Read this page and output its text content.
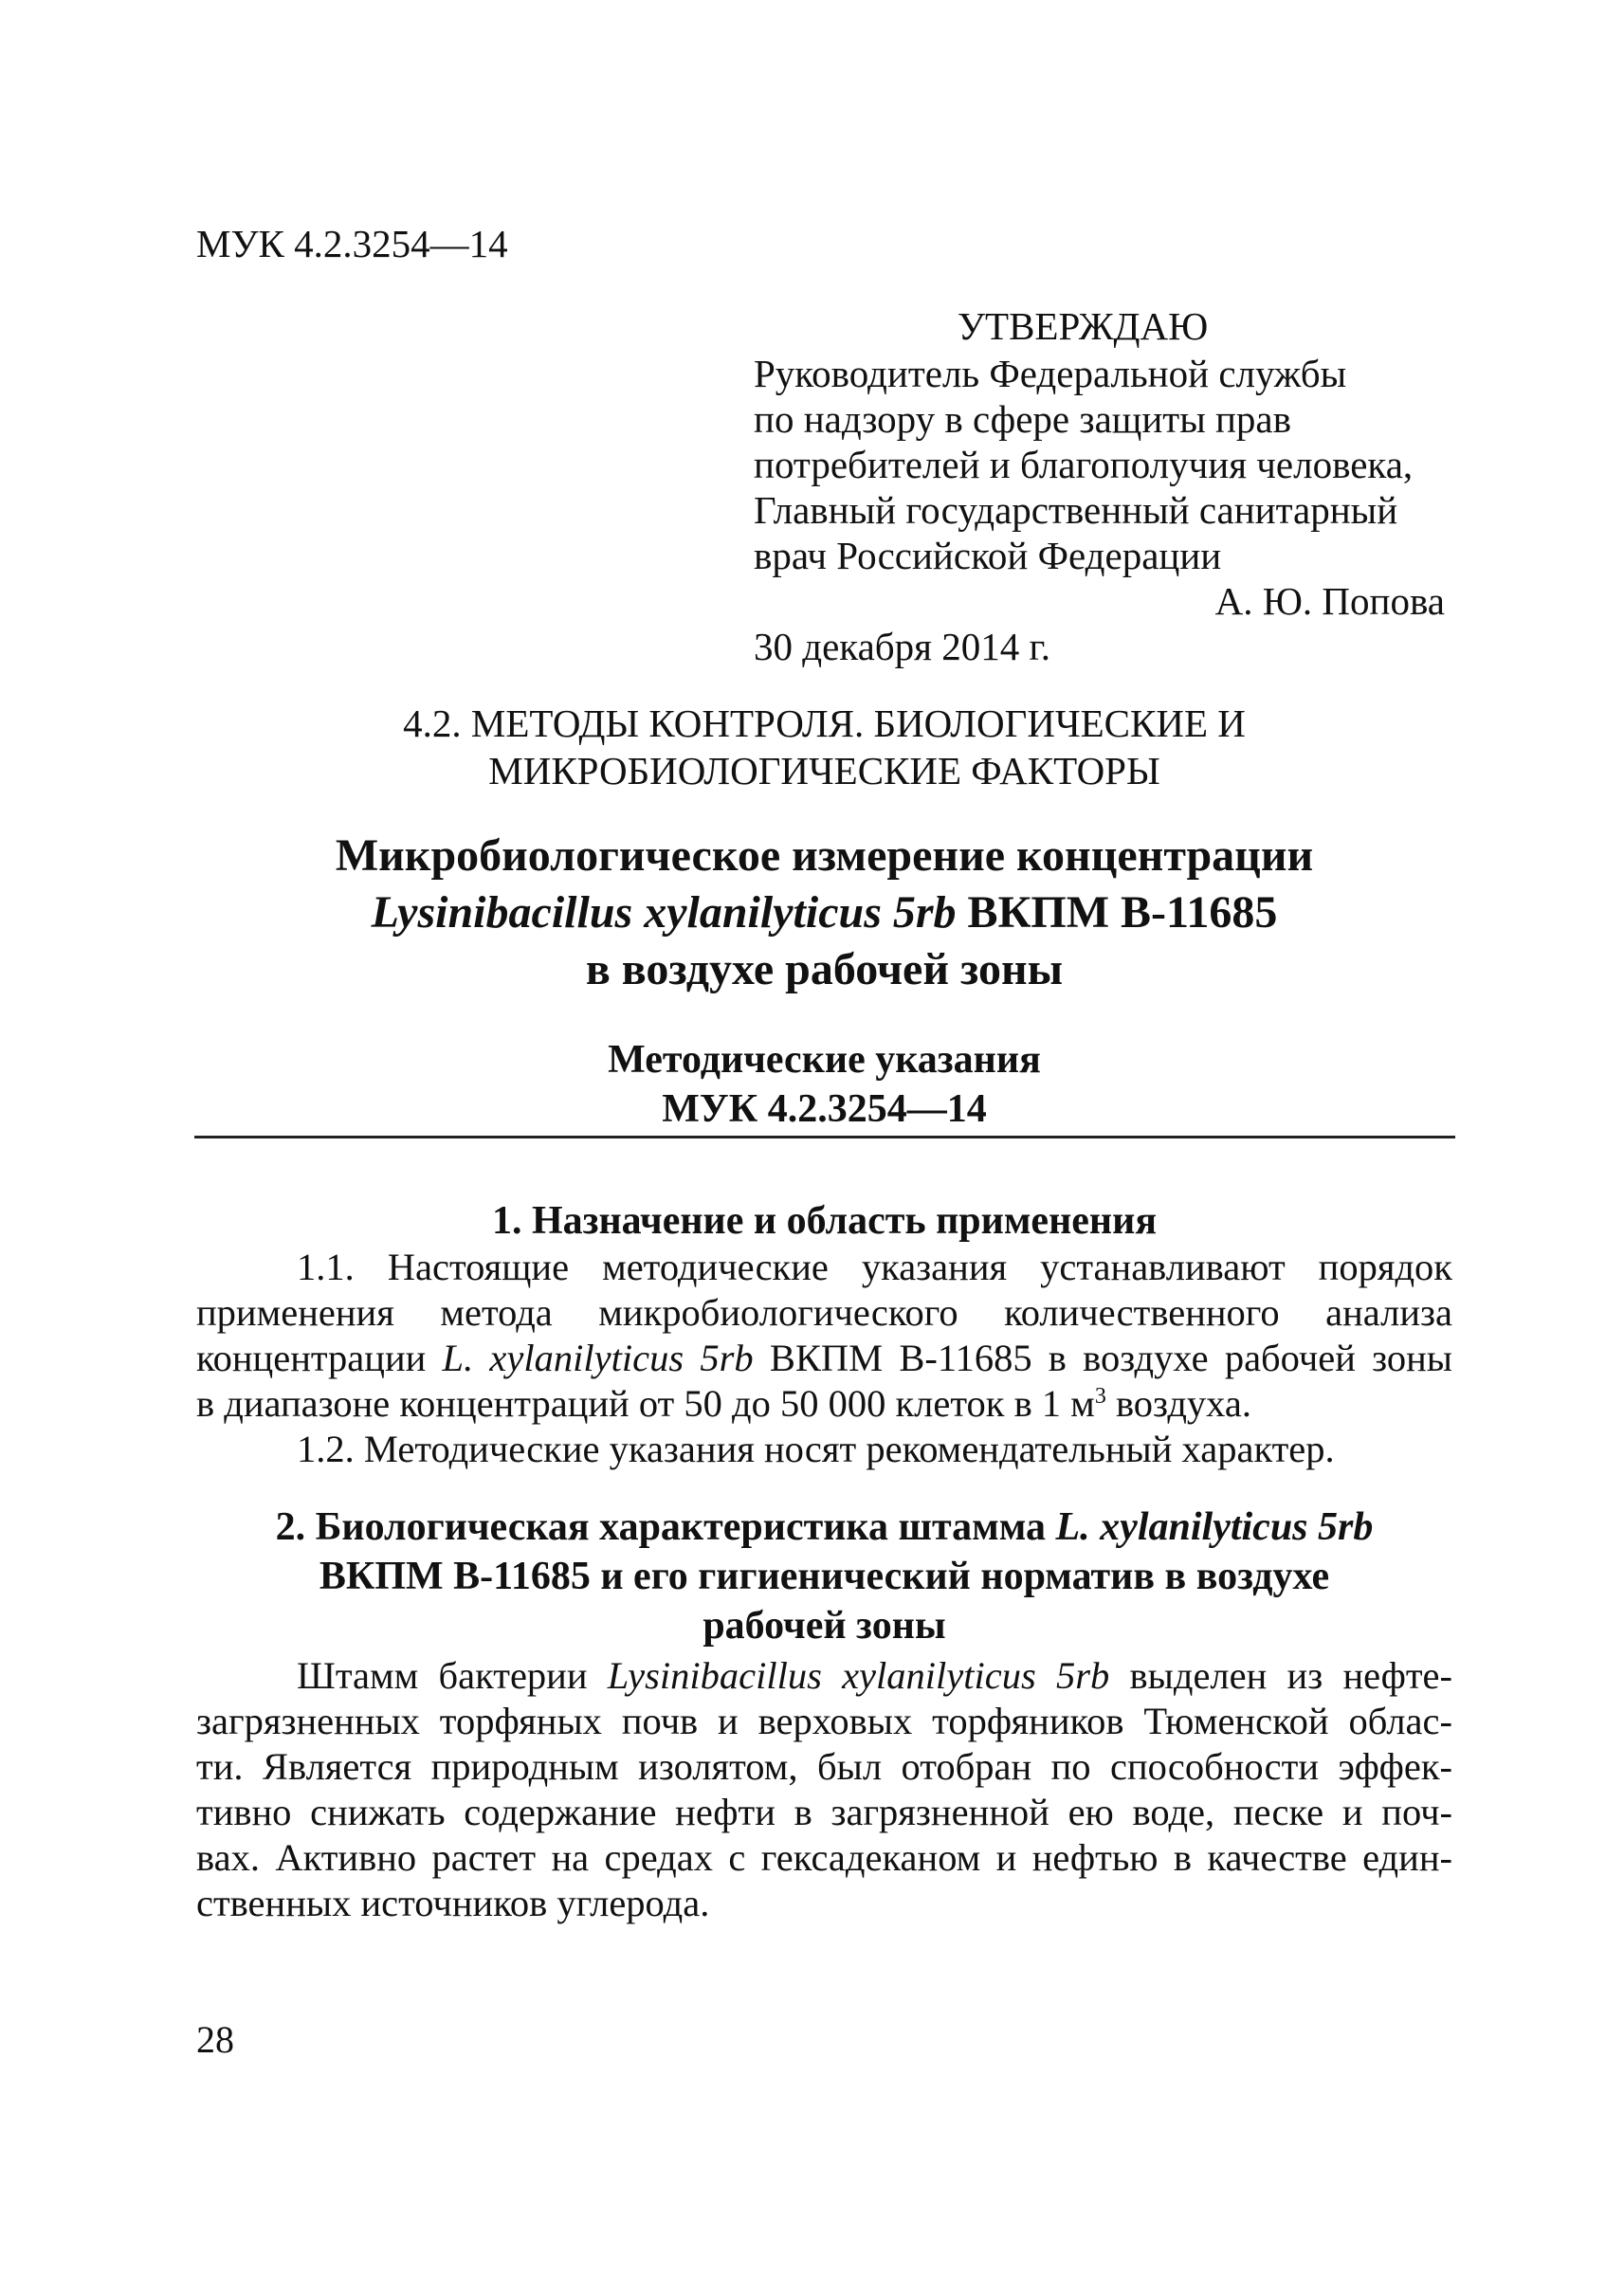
МУК 4.2.3254—14
УТВЕРЖДАЮ
Руководитель Федеральной службы
по надзору в сфере защиты прав
потребителей и благополучия человека,
Главный государственный санитарный
врач Российской Федерации
А. Ю. Попова
30 декабря 2014 г.
4.2. МЕТОДЫ КОНТРОЛЯ. БИОЛОГИЧЕСКИЕ И
МИКРОБИОЛОГИЧЕСКИЕ ФАКТОРЫ
Микробиологическое измерение концентрации
Lysinibacillus xylanilyticus 5rb ВКПМ В-11685
в воздухе рабочей зоны
Методические указания
МУК 4.2.3254—14
1. Назначение и область применения

1.1. Настоящие методические указания устанавливают порядок

применения метода микробиологического количественного анализа

концентрации L. xylanilyticus 5rb ВКПМ В-11685 в воздухе рабочей зоны

в диапазоне концентраций от 50 до 50 000 клеток в 1 $м^3$ воздуха.

1.2. Методические указания носят рекомендательный характер.

2. Биологическая характеристика штамма L. xylanilyticus 5rb
ВКПМ В-11685 и его гигиенический норматив в воздухе
рабочей зоны

Штамм бактерии Lysinibacillus xylanilyticus 5rb выделен из нефте-

загрязненных торфяных почв и верховых торфяников Тюменской облас-

ти. Является природным изолятом, был отобран по способности эффек-

тивно снижать содержание нефти в загрязненной ею воде, песке и поч-

вах. Активно растет на средах с гексадеканом и нефтью в качестве един-

ственных источников углерода.

28
